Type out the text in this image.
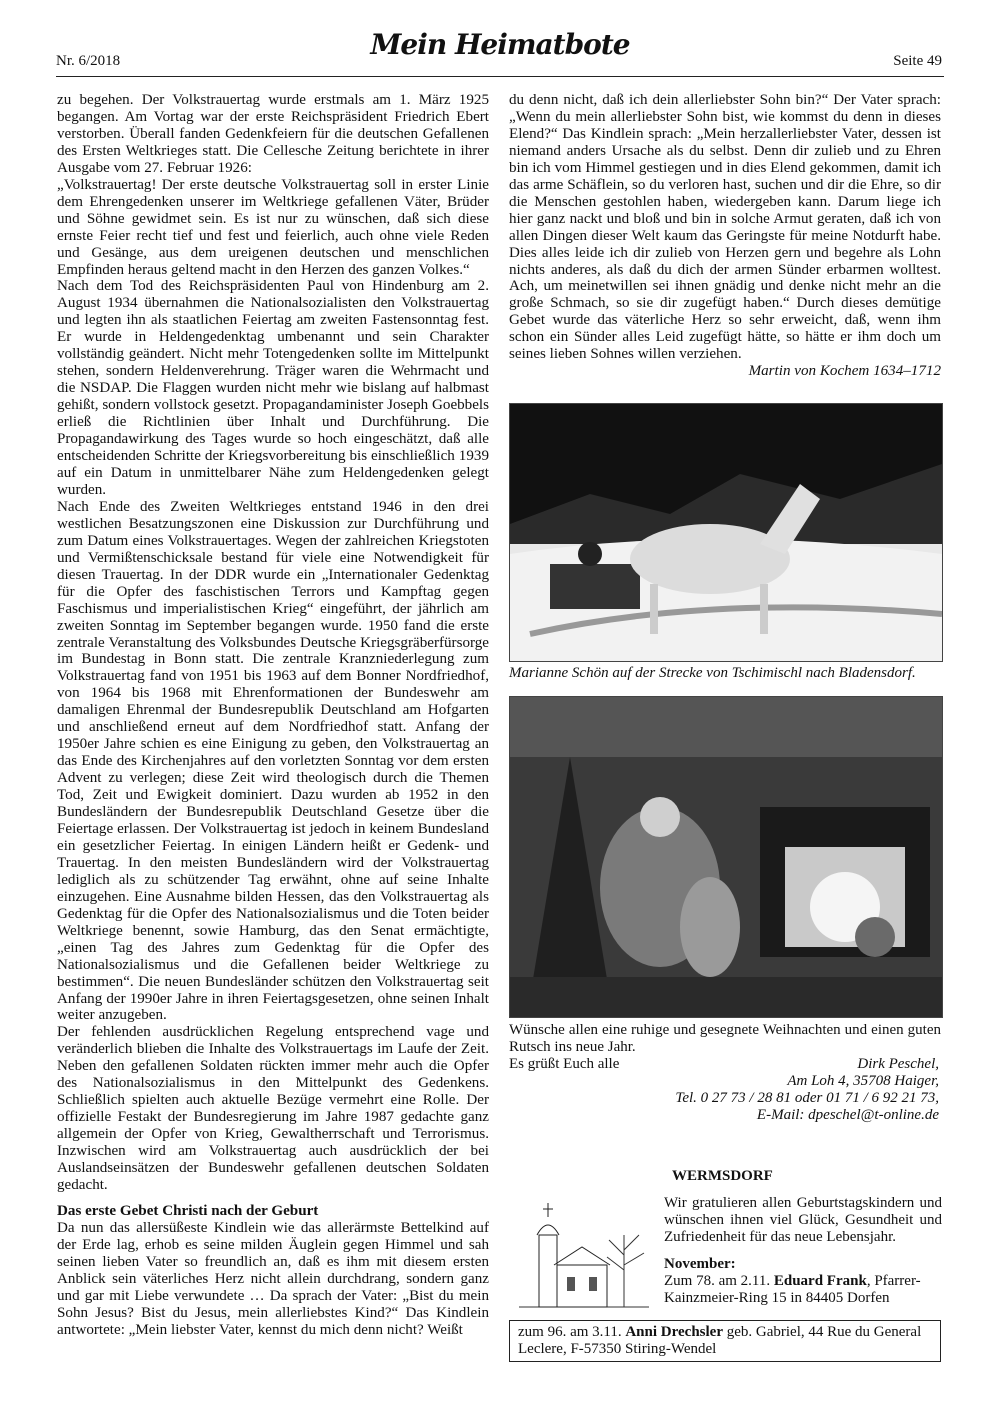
Nr. 6/2018	Mein Heimatbote	Seite 49

zu begehen. Der Volkstrauertag wurde erstmals am 1. März 1925 begangen. Am Vortag war der erste Reichspräsident Friedrich Ebert verstorben. Überall fanden Gedenkfeiern für die deutschen Gefallenen des Ersten Weltkrieges statt. Die Cellesche Zeitung berichtete in ihrer Ausgabe vom 27. Februar 1926:

„Volkstrauertag! Der erste deutsche Volkstrauertag soll in erster Linie dem Ehrengedenken unserer im Weltkriege gefallenen Väter, Brüder und Söhne gewidmet sein. Es ist nur zu wünschen, daß sich diese ernste Feier recht tief und fest und feierlich, auch ohne viele Reden und Gesänge, aus dem ureigenen deutschen und menschlichen Empfinden heraus geltend macht in den Herzen des ganzen Volkes.“

Nach dem Tod des Reichspräsidenten Paul von Hindenburg am 2. August 1934 übernahmen die Nationalsozialisten den Volkstrauertag und legten ihn als staatlichen Feiertag am zweiten Fastensonntag fest. Er wurde in Heldengedenktag umbenannt und sein Charakter vollständig geändert. Nicht mehr Totengedenken sollte im Mittelpunkt stehen, sondern Heldenverehrung. Träger waren die Wehrmacht und die NSDAP. Die Flaggen wurden nicht mehr wie bislang auf halbmast gehißt, sondern vollstock gesetzt. Propagandaminister Joseph Goebbels erließ die Richtlinien über Inhalt und Durchführung. Die Propagandawirkung des Tages wurde so hoch eingeschätzt, daß alle entscheidenden Schritte der Kriegsvorbereitung bis einschließlich 1939 auf ein Datum in unmittelbarer Nähe zum Heldengedenken gelegt wurden.

Nach Ende des Zweiten Weltkrieges entstand 1946 in den drei westlichen Besatzungszonen eine Diskussion zur Durchführung und zum Datum eines Volkstrauertages. Wegen der zahlreichen Kriegstoten und Vermißtenschicksale bestand für viele eine Notwendigkeit für diesen Trauertag. In der DDR wurde ein „Internationaler Gedenktag für die Opfer des faschistischen Terrors und Kampftag gegen Faschismus und imperialistischen Krieg“ eingeführt, der jährlich am zweiten Sonntag im September begangen wurde. 1950 fand die erste zentrale Veranstaltung des Volksbundes Deutsche Kriegsgräberfürsorge im Bundestag in Bonn statt. Die zentrale Kranzniederlegung zum Volkstrauertag fand von 1951 bis 1963 auf dem Bonner Nordfriedhof, von 1964 bis 1968 mit Ehrenformationen der Bundeswehr am damaligen Ehrenmal der Bundesrepublik Deutschland am Hofgarten und anschließend erneut auf dem Nordfriedhof statt. Anfang der 1950er Jahre schien es eine Einigung zu geben, den Volkstrauertag an das Ende des Kirchenjahres auf den vorletzten Sonntag vor dem ersten Advent zu verlegen; diese Zeit wird theologisch durch die Themen Tod, Zeit und Ewigkeit dominiert. Dazu wurden ab 1952 in den Bundesländern der Bundesrepublik Deutschland Gesetze über die Feiertage erlassen. Der Volkstrauertag ist jedoch in keinem Bundesland ein gesetzlicher Feiertag. In einigen Ländern heißt er Gedenk- und Trauertag. In den meisten Bundesländern wird der Volkstrauertag lediglich als zu schützender Tag erwähnt, ohne auf seine Inhalte einzugehen. Eine Ausnahme bilden Hessen, das den Volkstrauertag als Gedenktag für die Opfer des Nationalsozialismus und die Toten beider Weltkriege benennt, sowie Hamburg, das den Senat ermächtigte, „einen Tag des Jahres zum Gedenktag für die Opfer des Nationalsozialismus und die Gefallenen beider Weltkriege zu bestimmen“. Die neuen Bundesländer schützen den Volkstrauertag seit Anfang der 1990er Jahre in ihren Feiertagsgesetzen, ohne seinen Inhalt weiter anzugeben.

Der fehlenden ausdrücklichen Regelung entsprechend vage und veränderlich blieben die Inhalte des Volkstrauertags im Laufe der Zeit. Neben den gefallenen Soldaten rückten immer mehr auch die Opfer des Nationalsozialismus in den Mittelpunkt des Gedenkens. Schließlich spielten auch aktuelle Bezüge vermehrt eine Rolle. Der offizielle Festakt der Bundesregierung im Jahre 1987 gedachte ganz allgemein der Opfer von Krieg, Gewaltherrschaft und Terrorismus. Inzwischen wird am Volkstrauertag auch ausdrücklich der bei Auslandseinsätzen der Bundeswehr gefallenen deutschen Soldaten gedacht.

Das erste Gebet Christi nach der Geburt

Da nun das allersüßeste Kindlein wie das allerärmste Bettelkind auf der Erde lag, erhob es seine milden Äuglein gegen Himmel und sah seinen lieben Vater so freundlich an, daß es ihm mit diesem ersten Anblick sein väterliches Herz nicht allein durchdrang, sondern ganz und gar mit Liebe verwundete … Da sprach der Vater: „Bist du mein Sohn Jesus? Bist du Jesus, mein allerliebstes Kind?“ Das Kindlein antwortete: „Mein liebster Vater, kennst du mich denn nicht? Weißt

du denn nicht, daß ich dein allerliebster Sohn bin?“ Der Vater sprach: „Wenn du mein allerliebster Sohn bist, wie kommst du denn in dieses Elend?“ Das Kindlein sprach: „Mein herzallerliebster Vater, dessen ist niemand anders Ursache als du selbst. Denn dir zulieb und zu Ehren bin ich vom Himmel gestiegen und in dies Elend gekommen, damit ich das arme Schäflein, so du verloren hast, suchen und dir die Ehre, so dir die Menschen gestohlen haben, wiedergeben kann. Darum liege ich hier ganz nackt und bloß und bin in solche Armut geraten, daß ich von allen Dingen dieser Welt kaum das Geringste für meine Notdurft habe. Dies alles leide ich dir zulieb von Herzen gern und begehre als Lohn nichts anderes, als daß du dich der armen Sünder erbarmen wolltest. Ach, um meinetwillen sei ihnen gnädig und denke nicht mehr an die große Schmach, so sie dir zugefügt haben.“ Durch dieses demütige Gebet wurde das väterliche Herz so sehr erweicht, daß, wenn ihm schon ein Sünder alles Leid zugefügt hätte, so hätte er ihm doch um seines lieben Sohnes willen verziehen.

Martin von Kochem 1634–1712

Marianne Schön auf der Strecke von Tschimischl nach Bladensdorf.
Wünsche allen eine ruhige und gesegnete Weihnachten und einen guten Rutsch ins neue Jahr.
Es grüßt Euch alle	Dirk Peschel,
Am Loh 4, 35708 Haiger,
Tel. 0 27 73 / 28 81 oder 01 71 / 6 92 21 73,
E-Mail: dpeschel@t-online.de
WERMSDORF
Wir gratulieren allen Geburtstagskindern und wünschen ihnen viel Glück, Gesundheit und Zufriedenheit für das neue Lebensjahr.
November:
Zum 78. am 2.11. Eduard Frank, Pfarrer-Kainzmeier-Ring 15 in 84405 Dorfen
zum 96. am 3.11. Anni Drechsler geb. Gabriel, 44 Rue du General Leclere, F-57350 Stiring-Wendel
